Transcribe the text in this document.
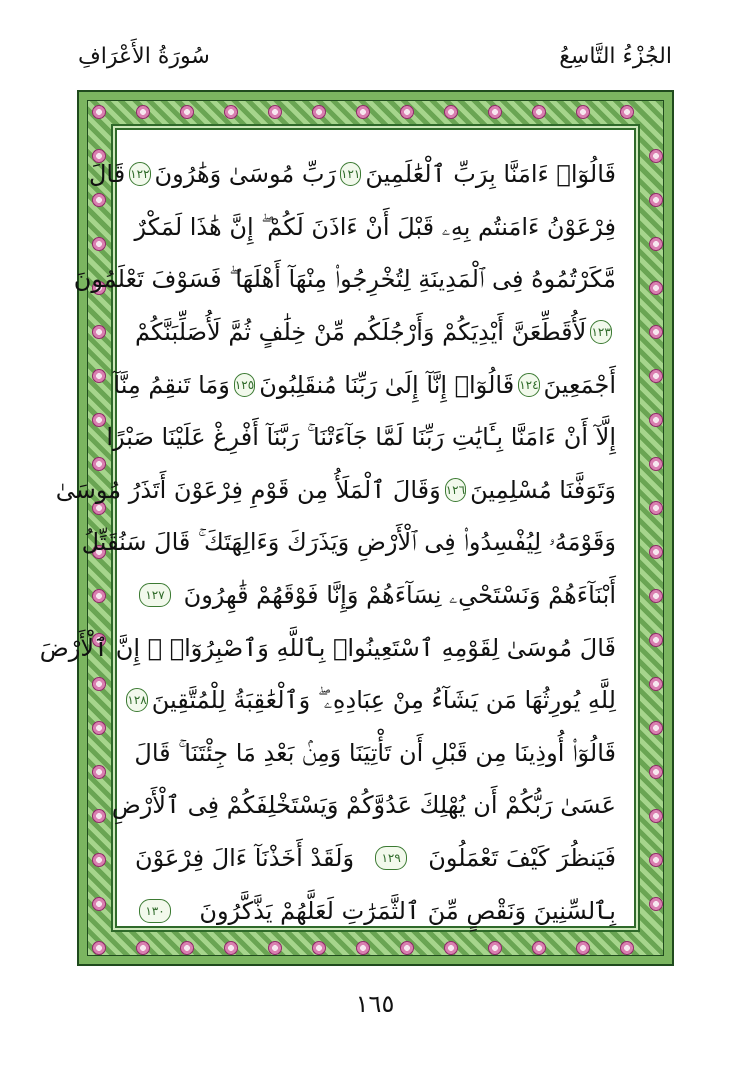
الجُزْءُ التَّاسِعُ
سُورَةُ الأَعْرَافِ
قَالُوٓا۟ ءَامَنَّا بِرَبِّ ٱلْعَٰلَمِينَ
١٢١
رَبِّ مُوسَىٰ وَهَٰرُونَ
١٢٢
قَالَ
فِرْعَوْنُ ءَامَنتُم بِهِۦ قَبْلَ أَنْ ءَاذَنَ لَكُمْ ۖ إِنَّ هَٰذَا لَمَكْرٌ
مَّكَرْتُمُوهُ فِى ٱلْمَدِينَةِ لِتُخْرِجُوا۟ مِنْهَآ أَهْلَهَا ۖ فَسَوْفَ تَعْلَمُونَ
١٢٣
لَأُقَطِّعَنَّ أَيْدِيَكُمْ وَأَرْجُلَكُم مِّنْ خِلَٰفٍ ثُمَّ لَأُصَلِّبَنَّكُمْ
أَجْمَعِينَ
١٢٤
قَالُوٓا۟ إِنَّآ إِلَىٰ رَبِّنَا مُنقَلِبُونَ
١٢٥
وَمَا تَنقِمُ مِنَّآ
إِلَّآ أَنْ ءَامَنَّا بِـَٔايَٰتِ رَبِّنَا لَمَّا جَآءَتْنَا ۚ رَبَّنَآ أَفْرِغْ عَلَيْنَا صَبْرًا
وَتَوَفَّنَا مُسْلِمِينَ
١٢٦
وَقَالَ ٱلْمَلَأُ مِن قَوْمِ فِرْعَوْنَ أَتَذَرُ مُوسَىٰ
وَقَوْمَهُۥ لِيُفْسِدُوا۟ فِى ٱلْأَرْضِ وَيَذَرَكَ وَءَالِهَتَكَ ۚ قَالَ سَنُقَتِّلُ
أَبْنَآءَهُمْ وَنَسْتَحْىِۦ نِسَآءَهُمْ وَإِنَّا فَوْقَهُمْ قَٰهِرُونَ
١٢٧
قَالَ مُوسَىٰ لِقَوْمِهِ ٱسْتَعِينُوا۟ بِٱللَّهِ وَٱصْبِرُوٓا۟ ۖ إِنَّ ٱلْأَرْضَ
لِلَّهِ يُورِثُهَا مَن يَشَآءُ مِنْ عِبَادِهِۦ ۖ وَٱلْعَٰقِبَةُ لِلْمُتَّقِينَ
١٢٨
قَالُوٓا۟ أُوذِينَا مِن قَبْلِ أَن تَأْتِيَنَا وَمِنۢ بَعْدِ مَا جِئْتَنَا ۚ قَالَ
عَسَىٰ رَبُّكُمْ أَن يُهْلِكَ عَدُوَّكُمْ وَيَسْتَخْلِفَكُمْ فِى ٱلْأَرْضِ
فَيَنظُرَ كَيْفَ تَعْمَلُونَ
١٢٩
وَلَقَدْ أَخَذْنَآ ءَالَ فِرْعَوْنَ
بِٱلسِّنِينَ وَنَقْصٍ مِّنَ ٱلثَّمَرَٰتِ لَعَلَّهُمْ يَذَّكَّرُونَ
١٣٠
١٦٥
